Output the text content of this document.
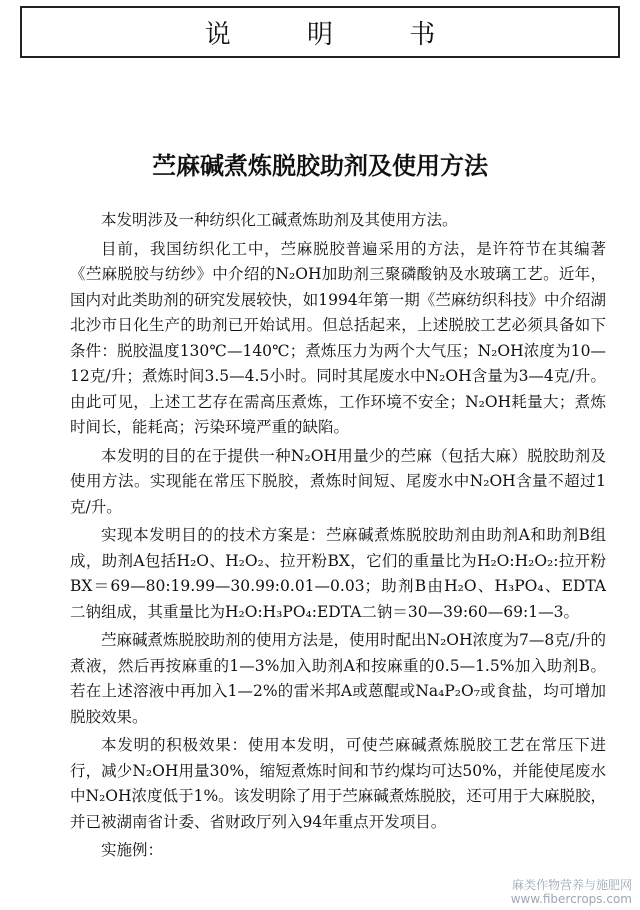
说 明 书
苎麻碱煮炼脱胶助剂及使用方法

本发明涉及一种纺织化工碱煮炼助剂及其使用方法。

目前，我国纺织化工中，苎麻脱胶普遍采用的方法，是许符节在其编著《苎麻脱胶与纺纱》中介绍的N₂OH加助剂三聚磷酸钠及水玻璃工艺。近年，国内对此类助剂的研究发展较快，如1994年第一期《苎麻纺织科技》中介绍湖北沙市日化生产的助剂已开始试用。但总括起来，上述脱胶工艺必须具备如下条件：脱胶温度130℃—140℃；煮炼压力为两个大气压；N₂OH浓度为10—12克/升；煮炼时间3.5—4.5小时。同时其尾废水中N₂OH含量为3—4克/升。由此可见，上述工艺存在需高压煮炼，工作环境不安全；N₂OH耗量大；煮炼时间长，能耗高；污染环境严重的缺陷。

本发明的目的在于提供一种N₂OH用量少的苎麻（包括大麻）脱胶助剂及使用方法。实现能在常压下脱胶，煮炼时间短、尾废水中N₂OH含量不超过1克/升。

实现本发明目的的技术方案是：苎麻碱煮炼脱胶助剂由助剂A和助剂B组成，助剂A包括H₂O、H₂O₂、拉开粉BX，它们的重量比为H₂O:H₂O₂:拉开粉BX＝69—80:19.99—30.99:0.01—0.03；助剂B由H₂O、H₃PO₄、EDTA二钠组成，其重量比为H₂O:H₃PO₄:EDTA二钠＝30—39:60—69:1—3。

苎麻碱煮炼脱胶助剂的使用方法是，使用时配出N₂OH浓度为7—8克/升的煮液，然后再按麻重的1—3%加入助剂A和按麻重的0.5—1.5%加入助剂B。若在上述溶液中再加入1—2%的雷米邦A或蒽醌或Na₄P₂O₇或食盐，均可增加脱胶效果。

本发明的积极效果：使用本发明，可使苎麻碱煮炼脱胶工艺在常压下进行，减少N₂OH用量30%，缩短煮炼时间和节约煤均可达50%，并能使尾废水中N₂OH浓度低于1%。该发明除了用于苎麻碱煮炼脱胶，还可用于大麻脱胶，并已被湖南省计委、省财政厅列入94年重点开发项目。

实施例：

麻类作物营养与施肥网
www.fibercrops.com
